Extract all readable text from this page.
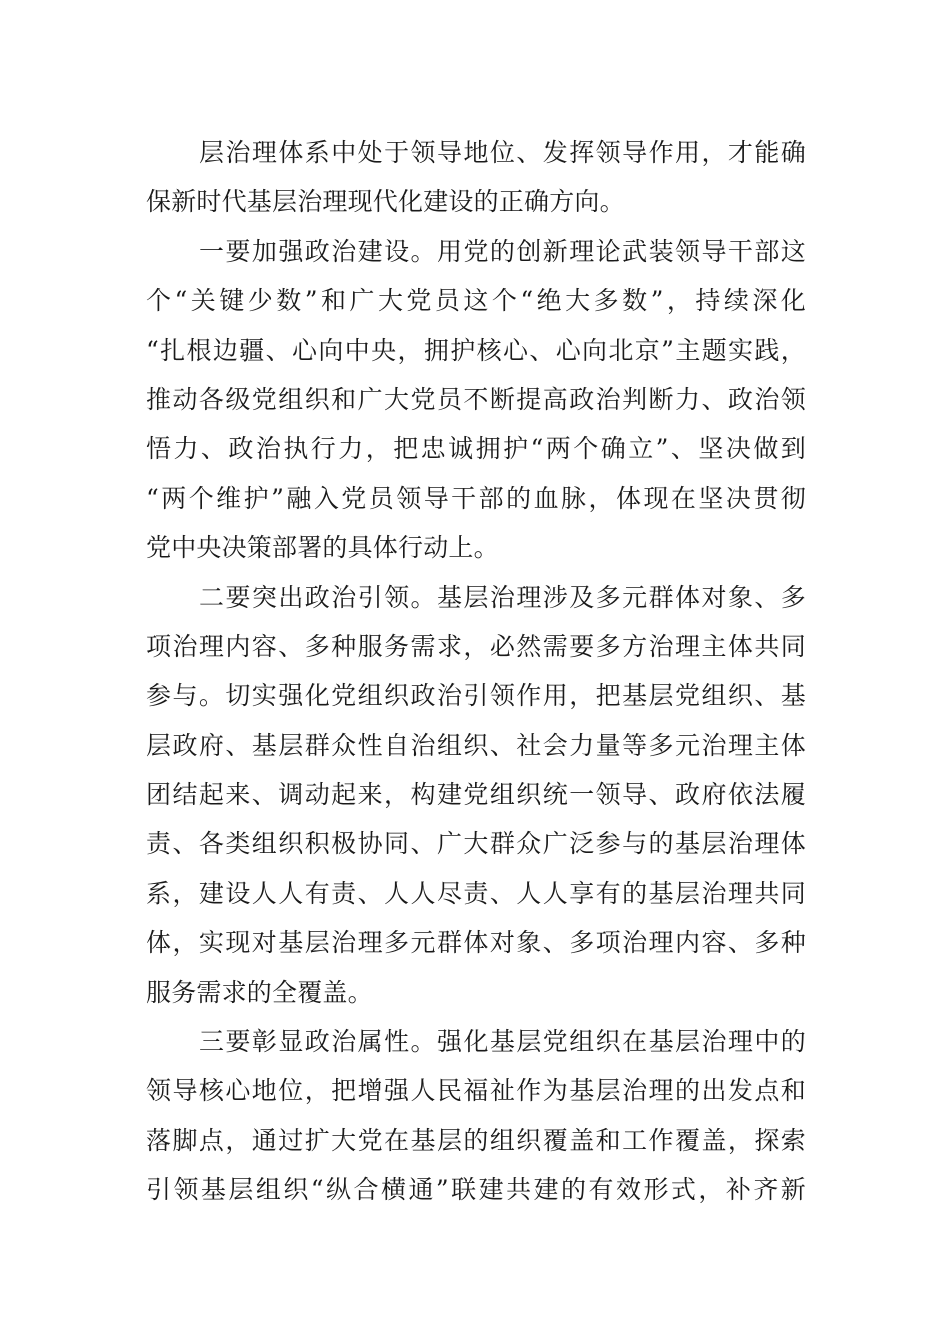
层治理体系中处于领导地位、发挥领导作用，才能确
保新时代基层治理现代化建设的正确方向。
一要加强政治建设。用党的创新理论武装领导干部这
个“关键少数”和广大党员这个“绝大多数”，持续深化
“扎根边疆、心向中央，拥护核心、心向北京”主题实践，
推动各级党组织和广大党员不断提高政治判断力、政治领
悟力、政治执行力，把忠诚拥护“两个确立”、坚决做到
“两个维护”融入党员领导干部的血脉，体现在坚决贯彻
党中央决策部署的具体行动上。
二要突出政治引领。基层治理涉及多元群体对象、多
项治理内容、多种服务需求，必然需要多方治理主体共同
参与。切实强化党组织政治引领作用，把基层党组织、基
层政府、基层群众性自治组织、社会力量等多元治理主体
团结起来、调动起来，构建党组织统一领导、政府依法履
责、各类组织积极协同、广大群众广泛参与的基层治理体
系，建设人人有责、人人尽责、人人享有的基层治理共同
体，实现对基层治理多元群体对象、多项治理内容、多种
服务需求的全覆盖。
三要彰显政治属性。强化基层党组织在基层治理中的
领导核心地位，把增强人民福祉作为基层治理的出发点和
落脚点，通过扩大党在基层的组织覆盖和工作覆盖，探索
引领基层组织“纵合横通”联建共建的有效形式，补齐新
